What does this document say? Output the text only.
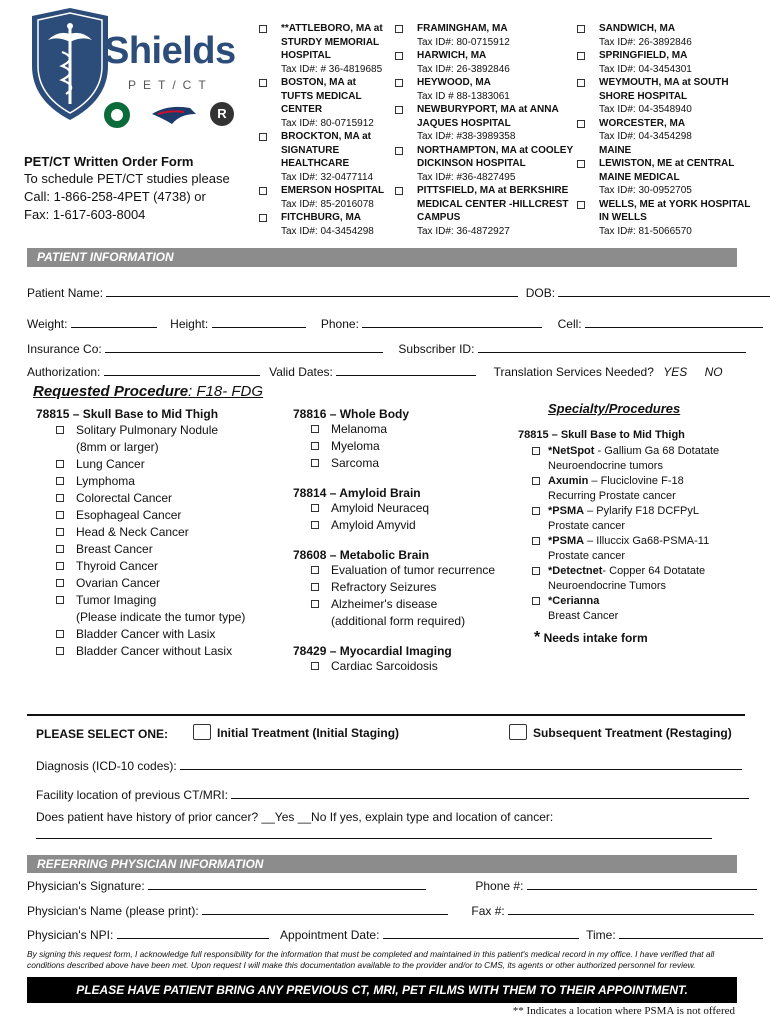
Shields
PET/CT
R
PET/CT Written Order Form
To schedule PET/CT studies please
Call: 1-866-258-4PET (4738) or
Fax: 1-617-603-8004
**ATTLEBORO, MA at STURDY MEMORIAL HOSPITAL
Tax ID#: # 36-4819685
BOSTON, MA at TUFTS MEDICAL CENTER
Tax ID#: 80-0715912
BROCKTON, MA at SIGNATURE HEALTHCARE
Tax ID#: 32-0477114
EMERSON HOSPITAL
Tax ID#: 85-2016078
FITCHBURG, MA
Tax ID#: 04-3454298
FRAMINGHAM, MA
Tax ID#: 80-0715912
HARWICH, MA
Tax ID#: 26-3892846
HEYWOOD, MA
Tax ID # 88-1383061
NEWBURYPORT, MA at ANNA JAQUES HOSPITAL
Tax ID#: #38-3989358
NORTHAMPTON, MA at COOLEY DICKINSON HOSPITAL
Tax ID#: #36-4827495
PITTSFIELD, MA at BERKSHIRE MEDICAL CENTER -HILLCREST CAMPUS
Tax ID#: 36-4872927
SANDWICH, MA
Tax ID#: 26-3892846
SPRINGFIELD, MA
Tax ID#: 04-3454301
WEYMOUTH, MA at SOUTH SHORE HOSPITAL
Tax ID#: 04-3548940
WORCESTER, MA
Tax ID#: 04-3454298
MAINE
LEWISTON, ME at CENTRAL MAINE MEDICAL
Tax ID#: 30-0952705
WELLS, ME at YORK HOSPITAL IN WELLS
Tax ID#: 81-5066570
PATIENT INFORMATION
Patient Name:	DOB:
Weight:	Height:	Phone:	Cell:
Insurance Co:	Subscriber ID:
Authorization:	Valid Dates:	Translation Services Needed? YES NO
Requested Procedure: F18- FDG
78815 – Skull Base to Mid Thigh
Solitary Pulmonary Nodule
(8mm or larger)
Lung Cancer
Lymphoma
Colorectal Cancer
Esophageal Cancer
Head & Neck Cancer
Breast Cancer
Thyroid Cancer
Ovarian Cancer
Tumor Imaging
(Please indicate the tumor type)
Bladder Cancer with Lasix
Bladder Cancer without Lasix
78816 – Whole Body
Melanoma
Myeloma
Sarcoma
78814 – Amyloid Brain
Amyloid Neuraceq
Amyloid Amyvid
78608 – Metabolic Brain
Evaluation of tumor recurrence
Refractory Seizures
Alzheimer's disease
(additional form required)
78429 – Myocardial Imaging
Cardiac Sarcoidosis
Specialty/Procedures
78815 – Skull Base to Mid Thigh
*NetSpot - Gallium Ga 68 Dotatate
Neuroendocrine tumors
Axumin – Fluciclovine F-18
Recurring Prostate cancer
*PSMA – Pylarify F18 DCFPyL
Prostate cancer
*PSMA – Illuccix Ga68-PSMA-11
Prostate cancer
*Detectnet- Copper 64 Dotatate
Neuroendocrine Tumors
*Cerianna
Breast Cancer
* Needs intake form
PLEASE SELECT ONE:	Initial Treatment (Initial Staging)	Subsequent Treatment (Restaging)
Diagnosis (ICD-10 codes):
Facility location of previous CT/MRI:
Does patient have history of prior cancer? __Yes __No If yes, explain type and location of cancer:
REFERRING PHYSICIAN INFORMATION
Physician's Signature:	Phone #:
Physician's Name (please print):	Fax #:
Physician's NPI:	Appointment Date:	Time:
By signing this request form, I acknowledge full responsibility for the information that must be completed and maintained in this patient's medical record in my office. I have verified that all
conditions described above have been met. Upon request I will make this documentation available to the provider and/or to CMS, its agents or other authorized personnel for review.
PLEASE HAVE PATIENT BRING ANY PREVIOUS CT, MRI, PET FILMS WITH THEM TO THEIR APPOINTMENT.
** Indicates a location where PSMA is not offered
